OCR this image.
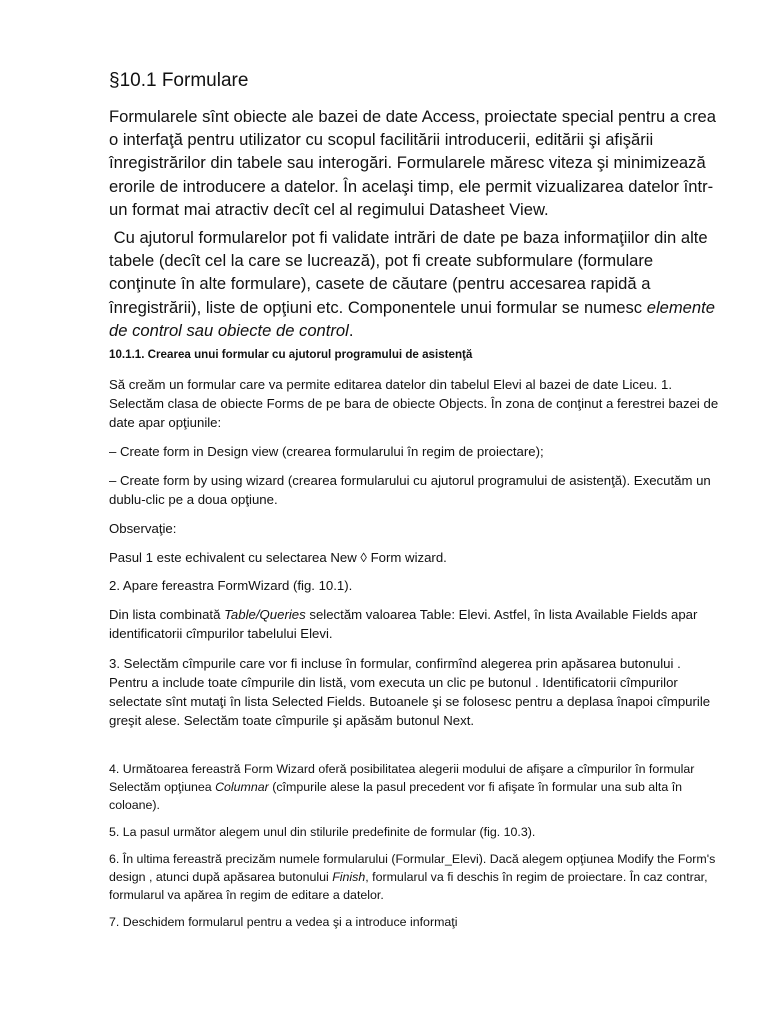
§10.1 Formulare

Formularele sînt obiecte ale bazei de date Access, proiectate special pentru a crea o interfaţă pentru utilizator cu scopul facilitării introducerii, editării şi afişării înregistrărilor din tabele sau interogări. Formularele măresc viteza şi minimizează erorile de introducere a datelor. În acelaşi timp, ele permit vizualizarea datelor într-un format mai atractiv decît cel al regimului Datasheet View.

Cu ajutorul formularelor pot fi validate intrări de date pe baza informaţiilor din alte tabele (decît cel la care se lucrează), pot fi create subformulare (formulare conţinute în alte formulare), casete de căutare (pentru accesarea rapidă a înregistrării), liste de opţiuni etc. Componentele unui formular se numesc elemente de control sau obiecte de control.

10.1.1. Crearea unui formular cu ajutorul programului de asistenţă

Să creăm un formular care va permite editarea datelor din tabelul Elevi al bazei de date Liceu. 1. Selectăm clasa de obiecte Forms de pe bara de obiecte Objects. În zona de conţinut a ferestrei bazei de date apar opţiunile:

– Create form in Design view (crearea formularului în regim de proiectare);

– Create form by using wizard (crearea formularului cu ajutorul programului de asistenţă). Executăm un dublu-clic pe a doua opţiune.

Observaţie:

Pasul 1 este echivalent cu selectarea New ◊ Form wizard.

2. Apare fereastra FormWizard (fig. 10.1).

Din lista combinată Table/Queries selectăm valoarea Table: Elevi. Astfel, în lista Available Fields apar identificatorii cîmpurilor tabelului Elevi.

3. Selectăm cîmpurile care vor fi incluse în formular, confirmînd alegerea prin apăsarea butonului . Pentru a include toate cîmpurile din listă, vom executa un clic pe butonul . Identificatorii cîmpurilor selectate sînt mutaţi în lista Selected Fields. Butoanele şi se folosesc pentru a deplasa înapoi cîmpurile greşit alese. Selectăm toate cîmpurile şi apăsăm butonul Next.

4. Următoarea fereastră Form Wizard oferă posibilitatea alegerii modului de afişare a cîmpurilor în formular Selectăm opţiunea Columnar (cîmpurile alese la pasul precedent vor fi afişate în formular una sub alta în coloane).

5. La pasul următor alegem unul din stilurile predefinite de formular (fig. 10.3).

6. În ultima fereastră precizăm numele formularului (Formular_Elevi). Dacă alegem opţiunea Modify the Form's design , atunci după apăsarea butonului Finish, formularul va fi deschis în regim de proiectare. În caz contrar, formularul va apărea în regim de editare a datelor.

7. Deschidem formularul pentru a vedea şi a introduce informaţi
